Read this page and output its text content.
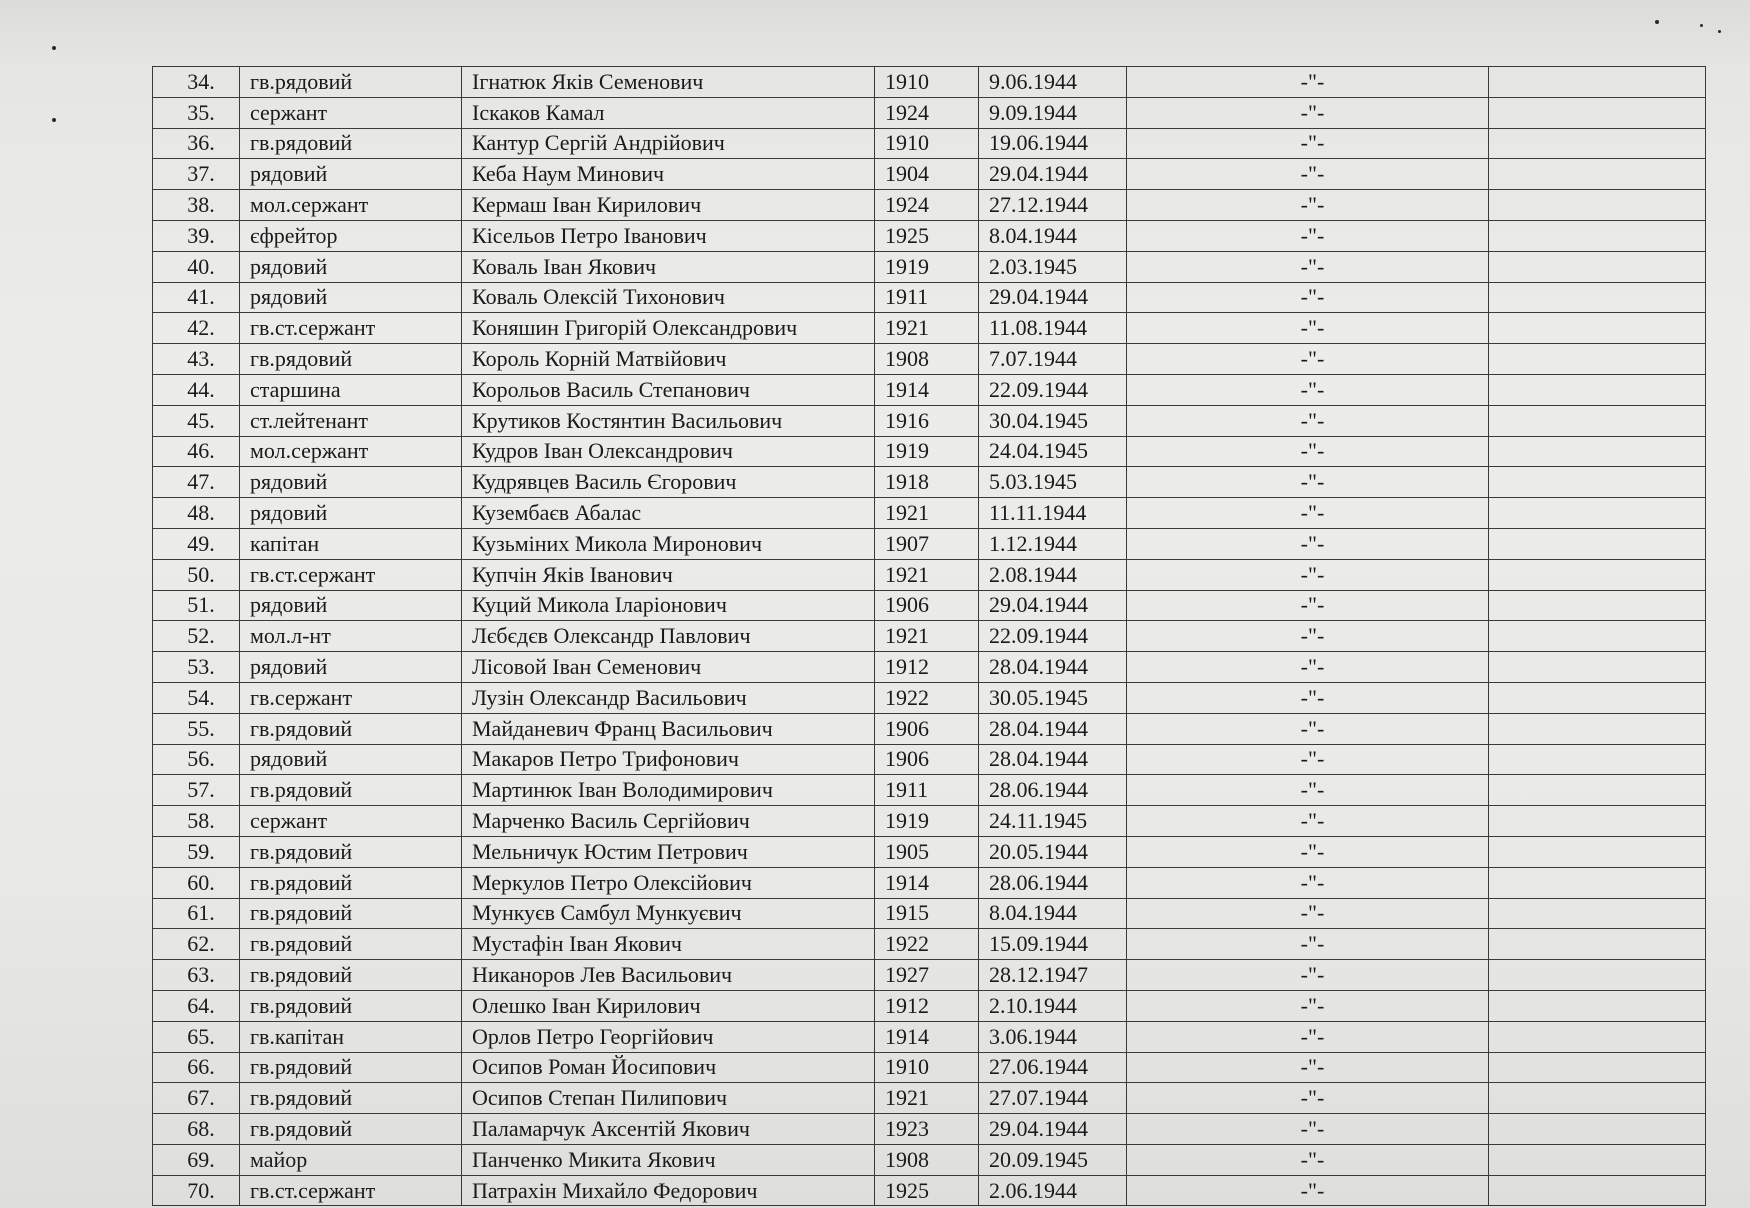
34.	гв.рядовий	Ігнатюк Яків Семенович	1910	9.06.1944	-"-	
35.	сержант	Іскаков Камал	1924	9.09.1944	-"-	
36.	гв.рядовий	Кантур Сергій Андрійович	1910	19.06.1944	-"-	
37.	рядовий	Кеба Наум Минович	1904	29.04.1944	-"-	
38.	мол.сержант	Кермаш Іван Кирилович	1924	27.12.1944	-"-	
39.	єфрейтор	Кісельов Петро Іванович	1925	8.04.1944	-"-	
40.	рядовий	Коваль Іван Якович	1919	2.03.1945	-"-	
41.	рядовий	Коваль Олексій Тихонович	1911	29.04.1944	-"-	
42.	гв.ст.сержант	Коняшин Григорій Олександрович	1921	11.08.1944	-"-	
43.	гв.рядовий	Король Корній Матвійович	1908	7.07.1944	-"-	
44.	старшина	Корольов Василь Степанович	1914	22.09.1944	-"-	
45.	ст.лейтенант	Крутиков Костянтин Васильович	1916	30.04.1945	-"-	
46.	мол.сержант	Кудров Іван Олександрович	1919	24.04.1945	-"-	
47.	рядовий	Кудрявцев Василь Єгорович	1918	5.03.1945	-"-	
48.	рядовий	Кузембаєв Абалас	1921	11.11.1944	-"-	
49.	капітан	Кузьміних Микола Миронович	1907	1.12.1944	-"-	
50.	гв.ст.сержант	Купчін Яків Іванович	1921	2.08.1944	-"-	
51.	рядовий	Куций Микола Іларіонович	1906	29.04.1944	-"-	
52.	мол.л-нт	Лєбєдєв Олександр Павлович	1921	22.09.1944	-"-	
53.	рядовий	Лісовой Іван Семенович	1912	28.04.1944	-"-	
54.	гв.сержант	Лузін Олександр Васильович	1922	30.05.1945	-"-	
55.	гв.рядовий	Майданевич Франц Васильович	1906	28.04.1944	-"-	
56.	рядовий	Макаров Петро Трифонович	1906	28.04.1944	-"-	
57.	гв.рядовий	Мартинюк Іван Володимирович	1911	28.06.1944	-"-	
58.	сержант	Марченко Василь Сергійович	1919	24.11.1945	-"-	
59.	гв.рядовий	Мельничук Юстим Петрович	1905	20.05.1944	-"-	
60.	гв.рядовий	Меркулов Петро Олексійович	1914	28.06.1944	-"-	
61.	гв.рядовий	Мункуєв Самбул Мункуєвич	1915	8.04.1944	-"-	
62.	гв.рядовий	Мустафін Іван Якович	1922	15.09.1944	-"-	
63.	гв.рядовий	Никаноров Лев Васильович	1927	28.12.1947	-"-	
64.	гв.рядовий	Олешко Іван Кирилович	1912	2.10.1944	-"-	
65.	гв.капітан	Орлов Петро Георгійович	1914	3.06.1944	-"-	
66.	гв.рядовий	Осипов Роман Йосипович	1910	27.06.1944	-"-	
67.	гв.рядовий	Осипов Степан Пилипович	1921	27.07.1944	-"-	
68.	гв.рядовий	Паламарчук Аксентій Якович	1923	29.04.1944	-"-	
69.	майор	Панченко Микита Якович	1908	20.09.1945	-"-	
70.	гв.ст.сержант	Патрахін Михайло Федорович	1925	2.06.1944	-"-	
